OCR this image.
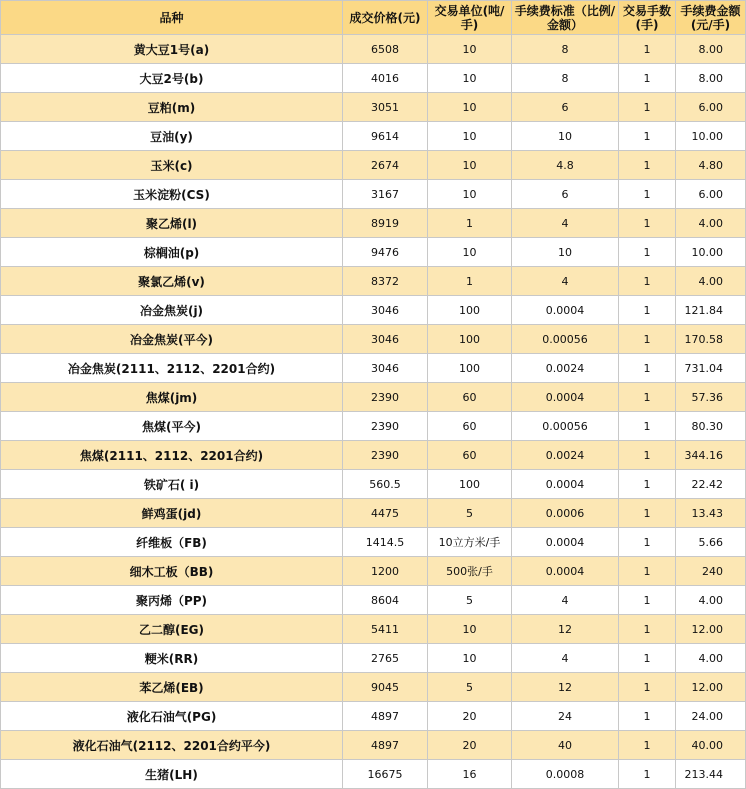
品种	成交价格(元)	交易单位(吨/手)	手续费标准（比例/金额）	交易手数(手)	手续费金额(元/手)
黄大豆1号(a)	6508	10	8	1	8.00
大豆2号(b)	4016	10	8	1	8.00
豆粕(m)	3051	10	6	1	6.00
豆油(y)	9614	10	10	1	10.00
玉米(c)	2674	10	4.8	1	4.80
玉米淀粉(CS)	3167	10	6	1	6.00
聚乙烯(l)	8919	1	4	1	4.00
棕榈油(p)	9476	10	10	1	10.00
聚氯乙烯(v)	8372	1	4	1	4.00
冶金焦炭(j)	3046	100	0.0004	1	121.84
冶金焦炭(平今)	3046	100	0.00056	1	170.58
冶金焦炭(2111、2112、2201合约)	3046	100	0.0024	1	731.04
焦煤(jm)	2390	60	0.0004	1	57.36
焦煤(平今)	2390	60	0.00056	1	80.30
焦煤(2111、2112、2201合约)	2390	60	0.0024	1	344.16
铁矿石( i)	560.5	100	0.0004	1	22.42
鲜鸡蛋(jd)	4475	5	0.0006	1	13.43
纤维板（FB)	1414.5	10立方米/手	0.0004	1	5.66
细木工板（BB)	1200	500张/手	0.0004	1	240
聚丙烯（PP)	8604	5	4	1	4.00
乙二醇(EG)	5411	10	12	1	12.00
粳米(RR)	2765	10	4	1	4.00
苯乙烯(EB)	9045	5	12	1	12.00
液化石油气(PG)	4897	20	24	1	24.00
液化石油气(2112、2201合约平今)	4897	20	40	1	40.00
生猪(LH)	16675	16	0.0008	1	213.44
